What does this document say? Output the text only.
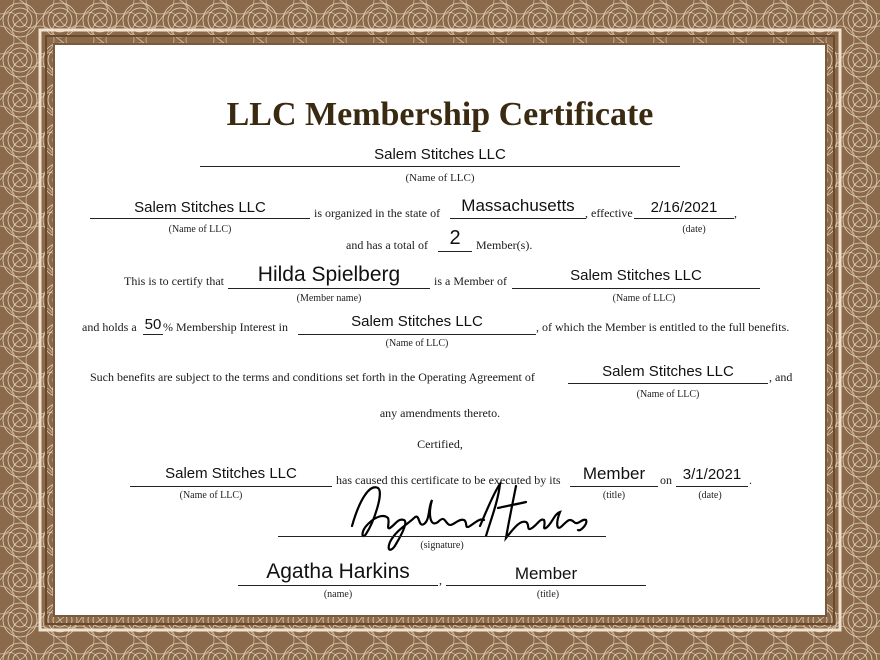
LLC Membership Certificate
Salem Stitches LLC
(Name of LLC)
Salem Stitches LLC
(Name of LLC)
is organized in the state of	Massachusetts , effective	2/16/2021	,
(date)
and has a total of	2	Member(s).
This is to certify that	Hilda Spielberg
(Member name)
is a Member of	Salem Stitches LLC
(Name of LLC)
and holds a 50 % Membership Interest in	Salem Stitches LLC
(Name of LLC)
, of which the Member is entitled to the full benefits.
Such benefits are subject to the terms and conditions set forth in the Operating Agreement of	Salem Stitches LLC
(Name of LLC)
, and
any amendments thereto.
Certified,
Salem Stitches LLC
(Name of LLC)
has caused this certificate to be executed by its	Member
(title)
on 3/1/2021 .
(date)
(signature)
Agatha Harkins	,
(name)
Member
(title)
